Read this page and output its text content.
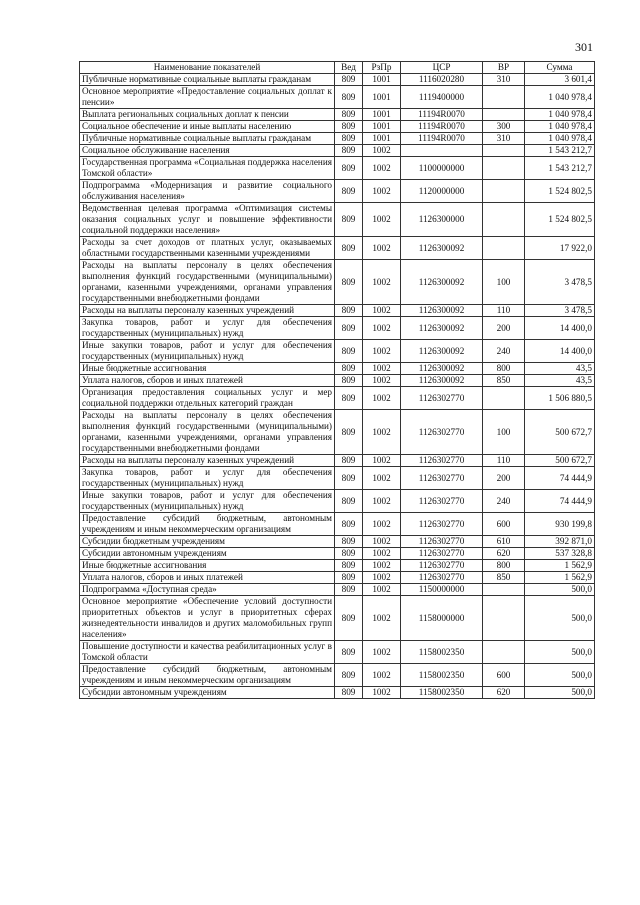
301
Наименование показателей	Вед	РзПр	ЦСР	ВР	Сумма
Публичные нормативные социальные выплаты гражданам	809	1001	1116020280	310	3 601,4
Основное мероприятие «Предоставление социальных доплат к пенсии»	809	1001	1119400000		1 040 978,4
Выплата региональных социальных доплат к пенсии	809	1001	11194R0070		1 040 978,4
Социальное обеспечение и иные выплаты населению	809	1001	11194R0070	300	1 040 978,4
Публичные нормативные социальные выплаты гражданам	809	1001	11194R0070	310	1 040 978,4
Социальное обслуживание населения	809	1002			1 543 212,7
Государственная программа «Социальная поддержка населения Томской области»	809	1002	1100000000		1 543 212,7
Подпрограмма «Модернизация и развитие социального обслуживания населения»	809	1002	1120000000		1 524 802,5
Ведомственная целевая программа «Оптимизация системы оказания социальных услуг и повышение эффективности социальной поддержки населения»	809	1002	1126300000		1 524 802,5
Расходы за счет доходов от платных услуг, оказываемых областными государственными казенными учреждениями	809	1002	1126300092		17 922,0
Расходы на выплаты персоналу в целях обеспечения выполнения функций государственными (муниципальными) органами, казенными учреждениями, органами управления государственными внебюджетными фондами	809	1002	1126300092	100	3 478,5
Расходы на выплаты персоналу казенных учреждений	809	1002	1126300092	110	3 478,5
Закупка товаров, работ и услуг для обеспечения государственных (муниципальных) нужд	809	1002	1126300092	200	14 400,0
Иные закупки товаров, работ и услуг для обеспечения государственных (муниципальных) нужд	809	1002	1126300092	240	14 400,0
Иные бюджетные ассигнования	809	1002	1126300092	800	43,5
Уплата налогов, сборов и иных платежей	809	1002	1126300092	850	43,5
Организация предоставления социальных услуг и мер социальной поддержки отдельных категорий граждан	809	1002	1126302770		1 506 880,5
Расходы на выплаты персоналу в целях обеспечения выполнения функций государственными (муниципальными) органами, казенными учреждениями, органами управления государственными внебюджетными фондами	809	1002	1126302770	100	500 672,7
Расходы на выплаты персоналу казенных учреждений	809	1002	1126302770	110	500 672,7
Закупка товаров, работ и услуг для обеспечения государственных (муниципальных) нужд	809	1002	1126302770	200	74 444,9
Иные закупки товаров, работ и услуг для обеспечения государственных (муниципальных) нужд	809	1002	1126302770	240	74 444,9
Предоставление субсидий бюджетным, автономным учреждениям и иным некоммерческим организациям	809	1002	1126302770	600	930 199,8
Субсидии бюджетным учреждениям	809	1002	1126302770	610	392 871,0
Субсидии автономным учреждениям	809	1002	1126302770	620	537 328,8
Иные бюджетные ассигнования	809	1002	1126302770	800	1 562,9
Уплата налогов, сборов и иных платежей	809	1002	1126302770	850	1 562,9
Подпрограмма «Доступная среда»	809	1002	1150000000		500,0
Основное мероприятие «Обеспечение условий доступности приоритетных объектов и услуг в приоритетных сферах жизнедеятельности инвалидов и других маломобильных групп населения»	809	1002	1158000000		500,0
Повышение доступности и качества реабилитационных услуг в Томской области	809	1002	1158002350		500,0
Предоставление субсидий бюджетным, автономным учреждениям и иным некоммерческим организациям	809	1002	1158002350	600	500,0
Субсидии автономным учреждениям	809	1002	1158002350	620	500,0
